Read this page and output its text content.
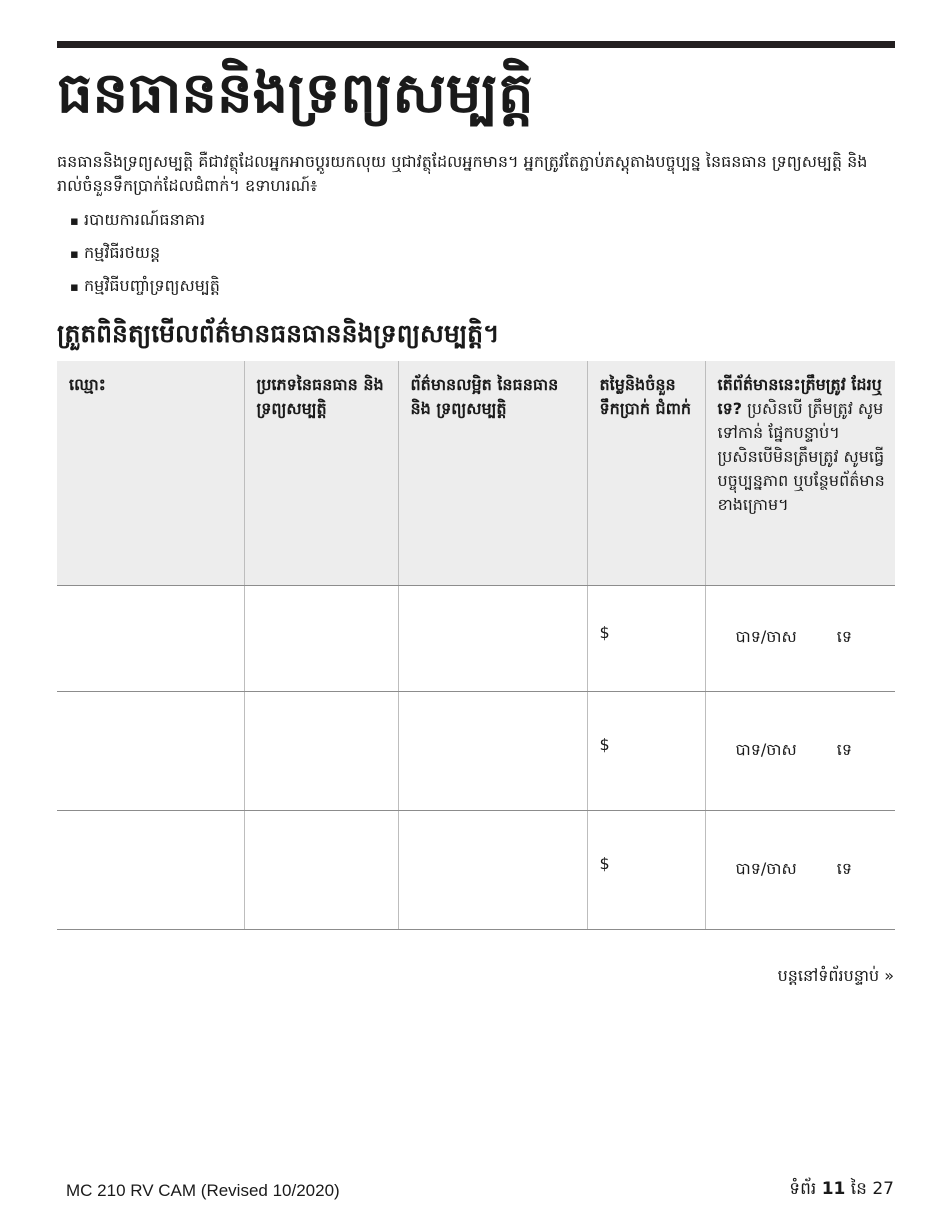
ធនធាននិងទ្រព្យសម្បត្តិ

ធនធាននិងទ្រព្យសម្បត្តិ គឺជាវត្ថុដែលអ្នកអាចប្តូរយកលុយ ឬជាវត្ថុដែលអ្នកមាន។ អ្នកត្រូវតែភ្ជាប់ភស្តុតាងបច្ចុប្បន្ន នៃធនធាន ទ្រព្យសម្បត្តិ និងរាល់ចំនួនទឹកប្រាក់ដែលជំពាក់។ ឧទាហរណ៍៖

▪ របាយការណ៍ធនាគារ
▪ កម្មវិធីរថយន្ត
▪ កម្មវិធីបញ្ចាំទ្រព្យសម្បត្តិ
ត្រួតពិនិត្យមើលព័ត៌មានធនធាននិងទ្រព្យសម្បត្តិ។
ឈ្មោះ	ប្រភេទនៃធនធាន និងទ្រព្យសម្បត្តិ	ព័ត៌មានលម្អិត នៃធនធាននិង ទ្រព្យសម្បត្តិ	តម្លៃនិងចំនួន ទឹកប្រាក់ ជំពាក់	តើព័ត៌មាននេះត្រឹមត្រូវ ដែរឬទេ? ប្រសិនបើ ត្រឹមត្រូវ សូមទៅកាន់ ផ្នែកបន្ទាប់។ ប្រសិនបើមិនត្រឹមត្រូវ សូមធ្វើបច្ចុប្បន្នភាព ឬបន្ថែមព័ត៌មាន ខាងក្រោម។

			$	បាទ/ចាស ទេ

			$	បាទ/ចាស ទេ

			$	បាទ/ចាស ទេ
បន្តនៅទំព័របន្ទាប់ »
MC 210 RV CAM (Revised 10/2020)	ទំព័រ 11 នៃ 27
